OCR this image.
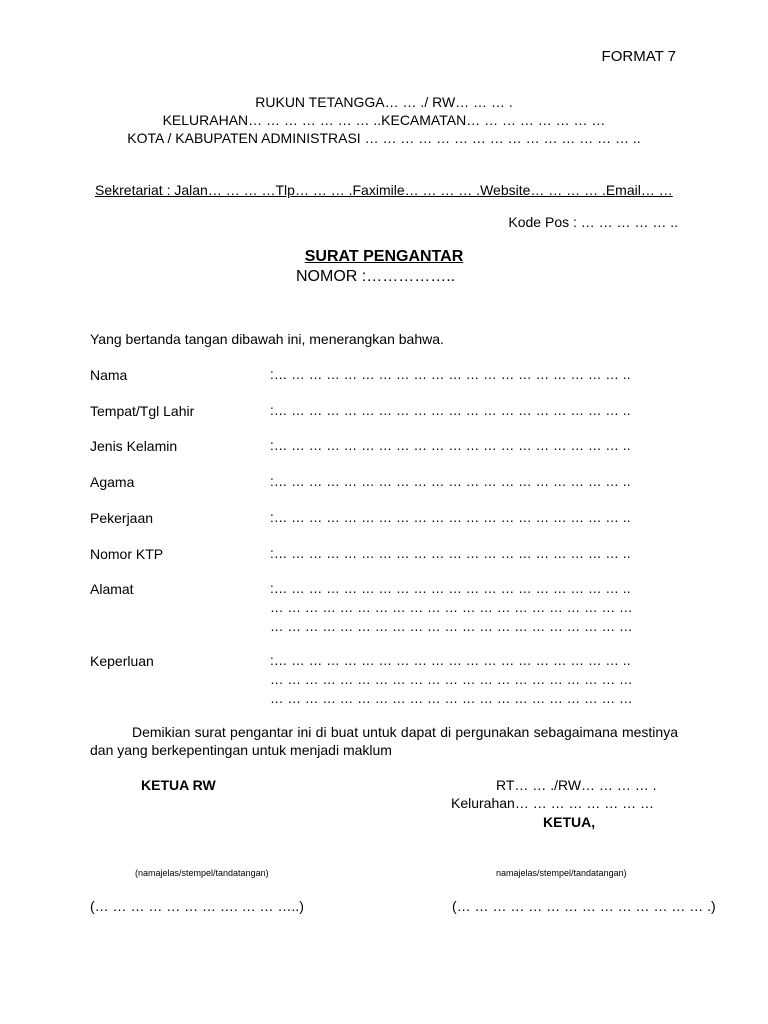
FORMAT 7
RUKUN TETANGGA… … ./ RW… … … .
KELURAHAN… … … … … … … ..KECAMATAN… … … … … … … …
KOTA / KABUPATEN ADMINISTRASI … … … … … … … … … … … … … … … ..
Sekretariat : Jalan… … … …Tlp… … … .Faximile… … … … .Website… … … … .Email… …
Kode Pos : … … … … … ..
SURAT PENGANTAR
NOMOR :……………..
Yang bertanda tangan dibawah ini, menerangkan bahwa.
Nama	:… … … … … … … … … … … … … … … … … … … … ..
Tempat/Tgl Lahir	:… … … … … … … … … … … … … … … … … … … … ..
Jenis Kelamin	:… … … … … … … … … … … … … … … … … … … … ..
Agama	:… … … … … … … … … … … … … … … … … … … … ..
Pekerjaan	:… … … … … … … … … … … … … … … … … … … … ..
Nomor KTP	:… … … … … … … … … … … … … … … … … … … … ..
Alamat	:… … … … … … … … … … … … … … … … … … … … ..
… … … … … … … … … … … … … … … … … … … … …
… … … … … … … … … … … … … … … … … … … … …
Keperluan	:… … … … … … … … … … … … … … … … … … … … ..
… … … … … … … … … … … … … … … … … … … … …
… … … … … … … … … … … … … … … … … … … … …
Demikian surat pengantar ini di buat untuk dapat di pergunakan sebagaimana mestinya dan yang berkepentingan untuk menjadi maklum
KETUA RW	RT… … ./RW… … … … .
Kelurahan… … … … … … … …
KETUA,
(namajelas/stempel/tandatangan)	namajelas/stempel/tandatangan)
(… … … … … … … …. … … …..)	(… … … … … … … … … … … … … … .)
